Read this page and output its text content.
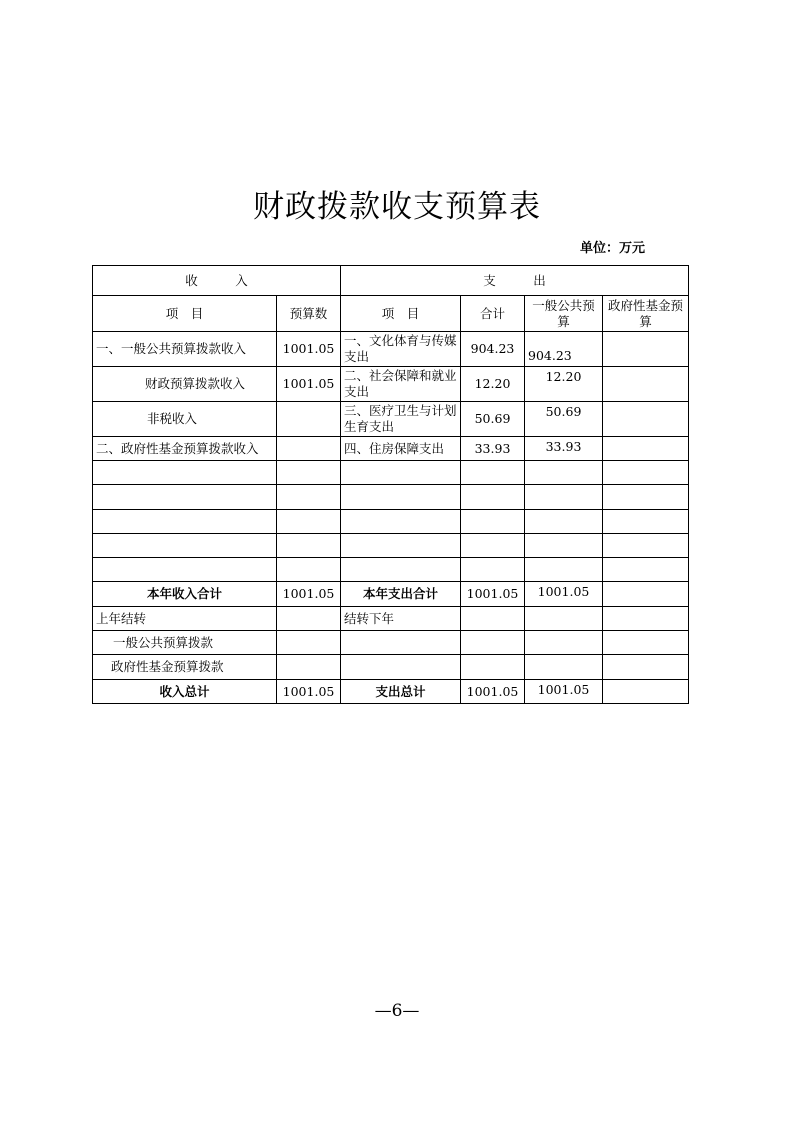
财政拨款收支预算表
单位：万元
收　　　入		支　　　出			
项　目	预算数	项　目	合计	一般公共预算	政府性基金预算
一、一般公共预算拨款收入	1001.05	一、文化体育与传媒支出	904.23	904.23	
财政预算拨款收入	1001.05	二、社会保障和就业支出	12.20	12.20	
非税收入		三、医疗卫生与计划生育支出	50.69	50.69	
二、政府性基金预算拨款收入		四、住房保障支出	33.93	33.93	

本年收入合计	1001.05	本年支出合计	1001.05	1001.05	
上年结转		结转下年			
一般公共预算拨款					
政府性基金预算拨款					
收入总计	1001.05	支出总计	1001.05	1001.05	
—6—
